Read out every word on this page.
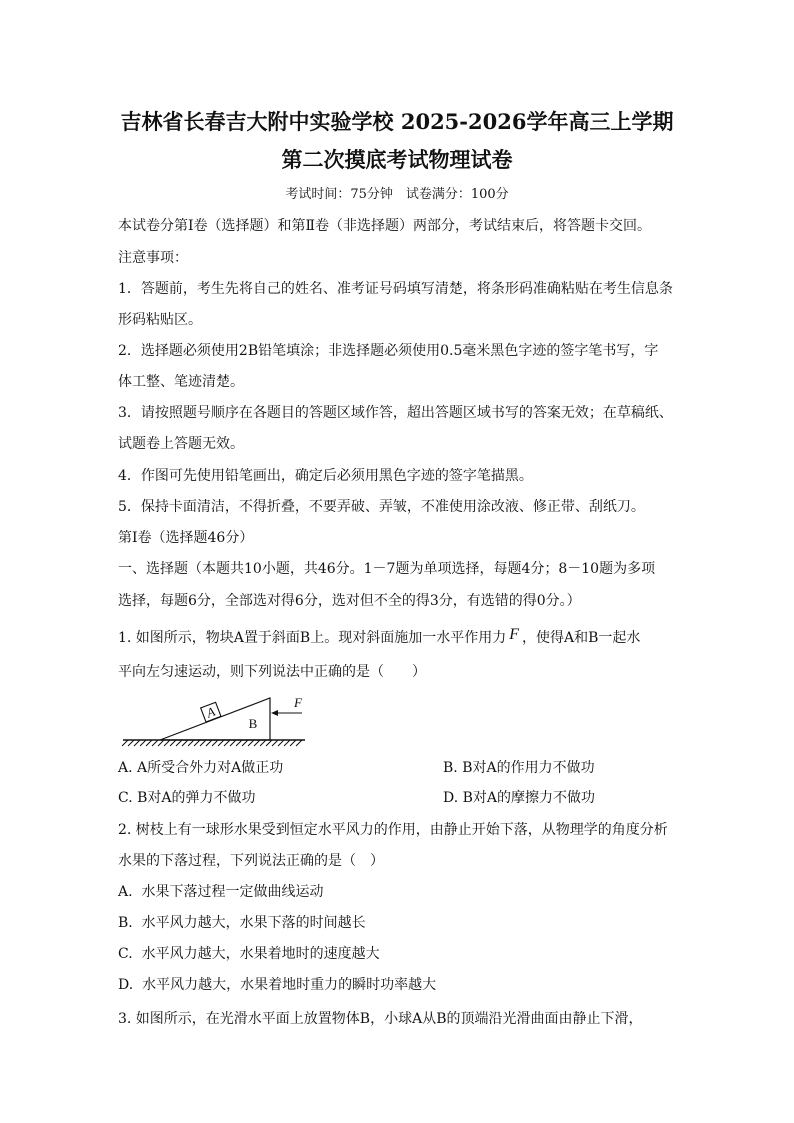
吉林省长春吉大附中实验学校 2025-2026学年高三上学期
第二次摸底考试物理试卷
考试时间：75分钟　试卷满分：100分
本试卷分第Ⅰ卷（选择题）和第Ⅱ卷（非选择题）两部分，考试结束后，将答题卡交回。
注意事项：
1．答题前，考生先将自己的姓名、准考证号码填写清楚，将条形码准确粘贴在考生信息条
形码粘贴区。
2．选择题必须使用2B铅笔填涂；非选择题必须使用0.5毫米黑色字迹的签字笔书写，字
体工整、笔迹清楚。
3．请按照题号顺序在各题目的答题区域作答，超出答题区域书写的答案无效；在草稿纸、
试题卷上答题无效。
4．作图可先使用铅笔画出，确定后必须用黑色字迹的签字笔描黑。
5．保持卡面清洁，不得折叠，不要弄破、弄皱，不准使用涂改液、修正带、刮纸刀。
第Ⅰ卷（选择题46分）
一、选择题（本题共10小题，共46分。1－7题为单项选择，每题4分；8－10题为多项
选择，每题6分，全部选对得6分，选对但不全的得3分，有选错的得0分。）
1. 如图所示，物块A置于斜面B上。现对斜面施加一水平作用力 F ，使得A和B一起水
平向左匀速运动，则下列说法中正确的是（　　）
A
B
F
A. A所受合外力对A做正功	B. B对A的作用力不做功
C. B对A的弹力不做功	D. B对A的摩擦力不做功
2. 树枝上有一球形水果受到恒定水平风力的作用，由静止开始下落，从物理学的角度分析
水果的下落过程，下列说法正确的是（　）
A.  水果下落过程一定做曲线运动
B.  水平风力越大，水果下落的时间越长
C.  水平风力越大，水果着地时的速度越大
D.  水平风力越大，水果着地时重力的瞬时功率越大
3. 如图所示，在光滑水平面上放置物体B，小球A从B的顶端沿光滑曲面由静止下滑，
